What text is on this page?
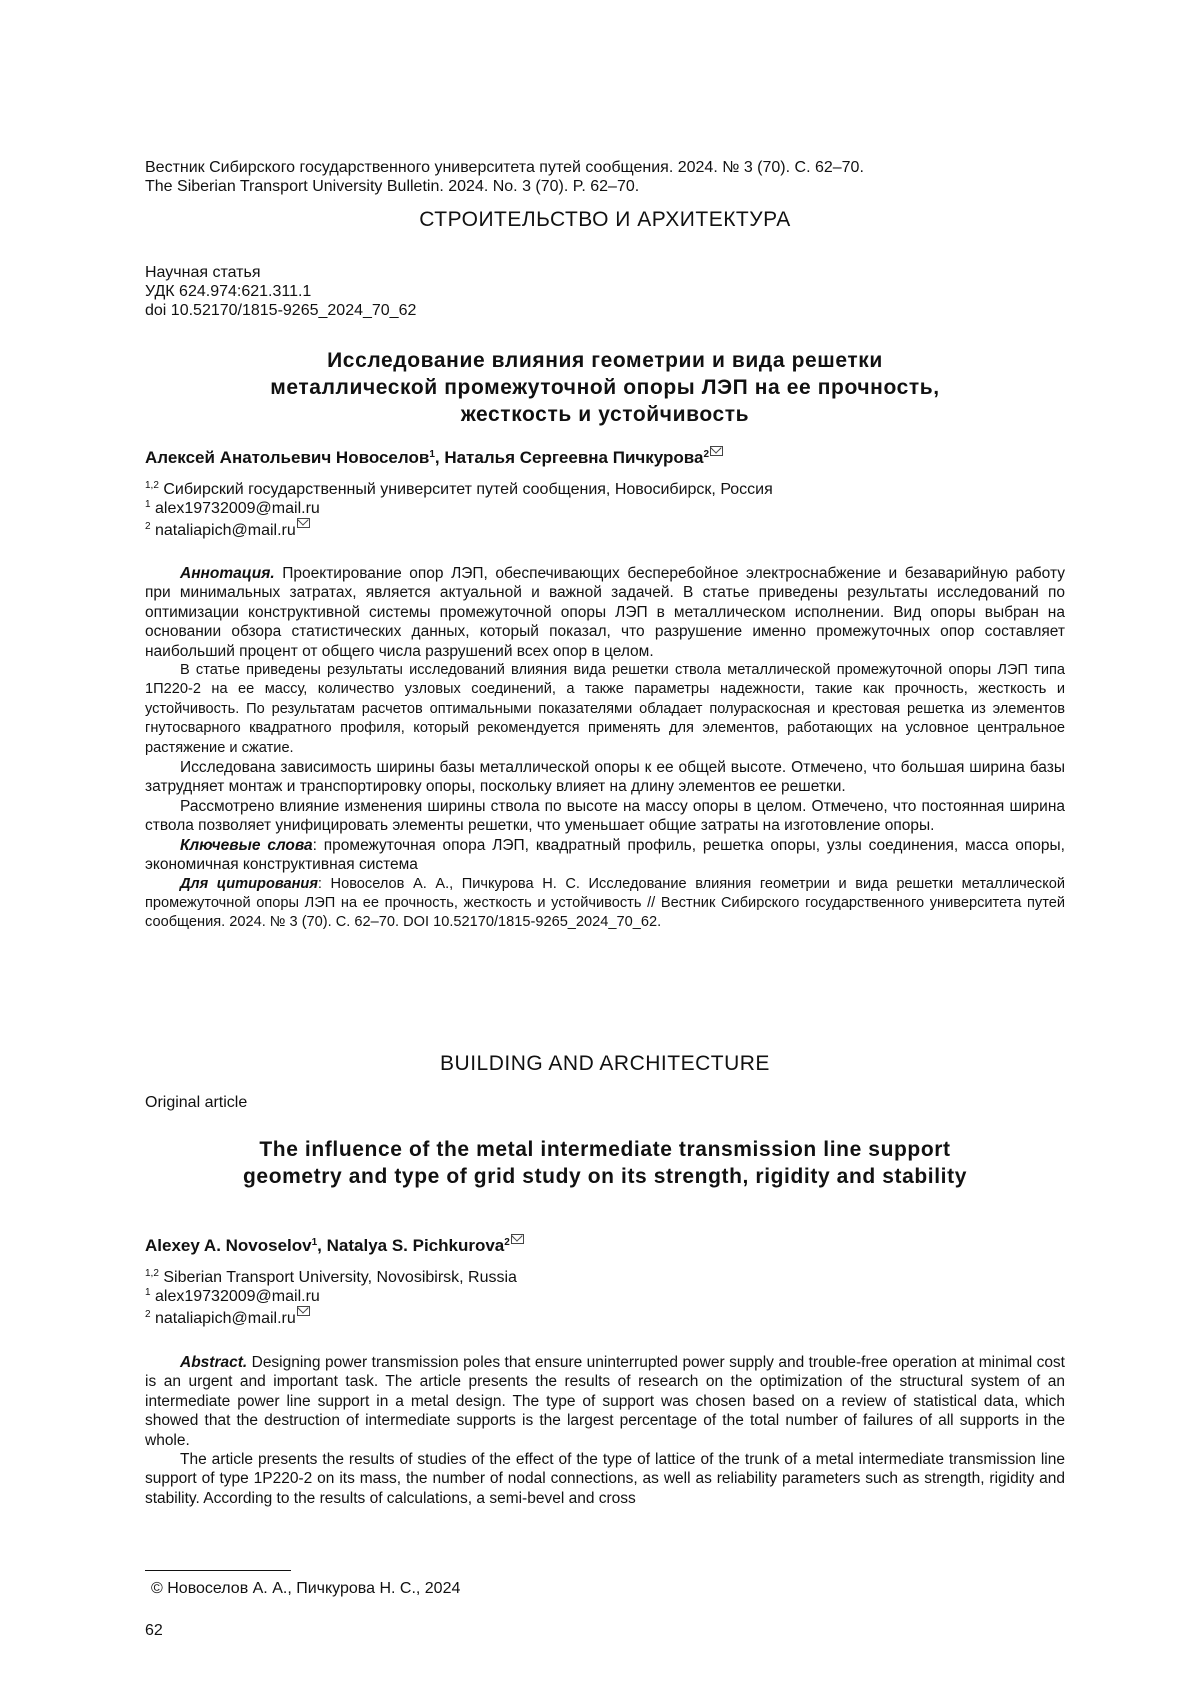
Вестник Сибирского государственного университета путей сообщения. 2024. № 3 (70). С. 62–70.
The Siberian Transport University Bulletin. 2024. No. 3 (70). P. 62–70.
СТРОИТЕЛЬСТВО И АРХИТЕКТУРА
Научная статья
УДК 624.974:621.311.1
doi 10.52170/1815-9265_2024_70_62
Исследование влияния геометрии и вида решетки
металлической промежуточной опоры ЛЭП на ее прочность,
жесткость и устойчивость
Алексей Анатольевич Новоселов$^1$, Наталья Сергеевна Пичкурова$^2$
$^{1,2}$ Сибирский государственный университет путей сообщения, Новосибирск, Россия
$^1$ alex19732009@mail.ru
$^2$ nataliapich@mail.ru

Аннотация. Проектирование опор ЛЭП, обеспечивающих бесперебойное электроснабжение и безаварийную работу при минимальных затратах, является актуальной и важной задачей. В статье приведены результаты исследований по оптимизации конструктивной системы промежуточной опоры ЛЭП в металлическом исполнении. Вид опоры выбран на основании обзора статистических данных, который показал, что разрушение именно промежуточных опор составляет наибольший процент от общего числа разрушений всех опор в целом.

В статье приведены результаты исследований влияния вида решетки ствола металлической промежуточной опоры ЛЭП типа 1П220-2 на ее массу, количество узловых соединений, а также параметры надежности, такие как прочность, жесткость и устойчивость. По результатам расчетов оптимальными показателями обладает полураскосная и крестовая решетка из элементов гнутосварного квадратного профиля, который рекомендуется применять для элементов, работающих на условное центральное растяжение и сжатие.

Исследована зависимость ширины базы металлической опоры к ее общей высоте. Отмечено, что большая ширина базы затрудняет монтаж и транспортировку опоры, поскольку влияет на длину элементов ее решетки.

Рассмотрено влияние изменения ширины ствола по высоте на массу опоры в целом. Отмечено, что постоянная ширина ствола позволяет унифицировать элементы решетки, что уменьшает общие затраты на изготовление опоры.

Ключевые слова: промежуточная опора ЛЭП, квадратный профиль, решетка опоры, узлы соединения, масса опоры, экономичная конструктивная система

Для цитирования: Новоселов А. А., Пичкурова Н. С. Исследование влияния геометрии и вида решетки металлической промежуточной опоры ЛЭП на ее прочность, жесткость и устойчивость // Вестник Сибирского государственного университета путей сообщения. 2024. № 3 (70). С. 62–70. DOI 10.52170/1815-9265_2024_70_62.

BUILDING AND ARCHITECTURE
Original article
The influence of the metal intermediate transmission line support
geometry and type of grid study on its strength, rigidity and stability
Alexey A. Novoselov$^1$, Natalya S. Pichkurova$^2$
$^{1,2}$ Siberian Transport University, Novosibirsk, Russia
$^1$ alex19732009@mail.ru
$^2$ nataliapich@mail.ru

Abstract. Designing power transmission poles that ensure uninterrupted power supply and trouble-free operation at minimal cost is an urgent and important task. The article presents the results of research on the optimization of the structural system of an intermediate power line support in a metal design. The type of support was chosen based on a review of statistical data, which showed that the destruction of intermediate supports is the largest percentage of the total number of failures of all supports in the whole.

The article presents the results of studies of the effect of the type of lattice of the trunk of a metal intermediate transmission line support of type 1P220-2 on its mass, the number of nodal connections, as well as reliability parameters such as strength, rigidity and stability. According to the results of calculations, a semi-bevel and cross

© Новоселов А. А., Пичкурова Н. С., 2024
62
